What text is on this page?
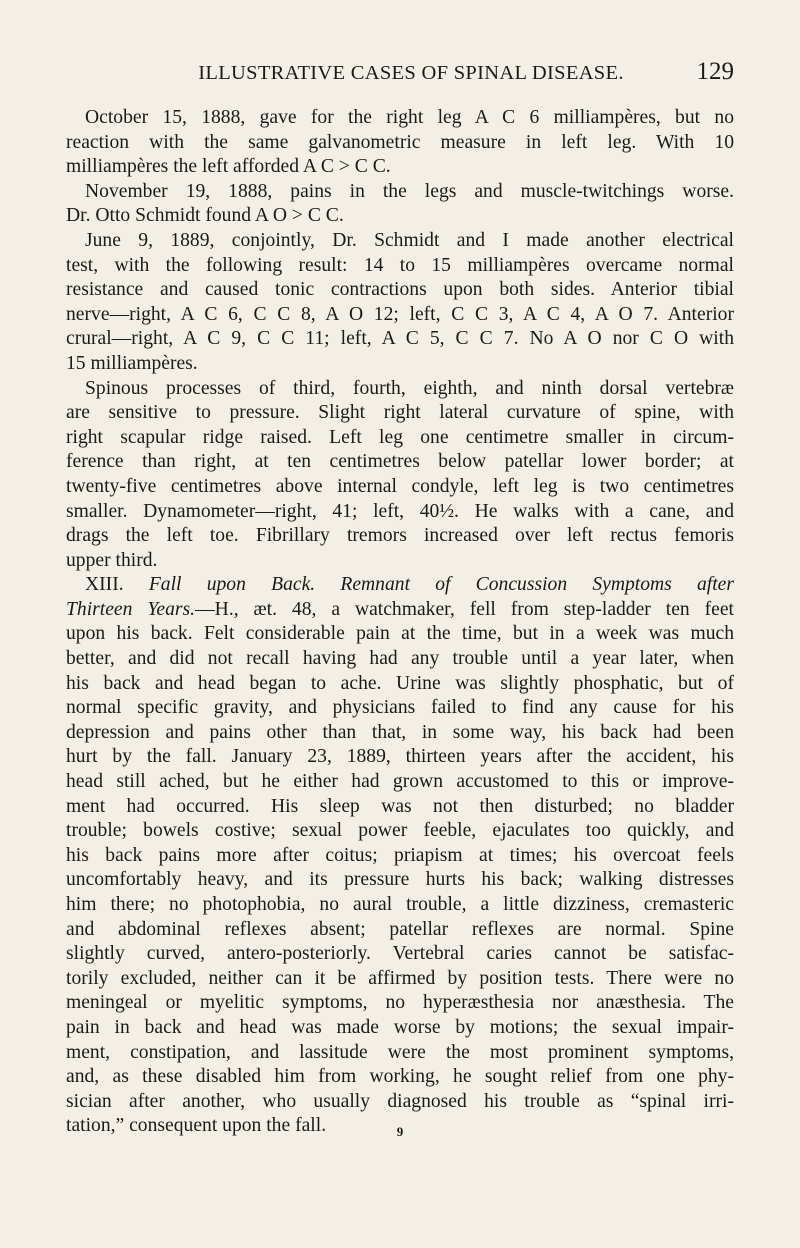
ILLUSTRATIVE CASES OF SPINAL DISEASE.	129
October 15, 1888, gave for the right leg A C 6 milliampères, but no
reaction with the same galvanometric measure in left leg. With 10
milliampères the left afforded A C > C C.
November 19, 1888, pains in the legs and muscle-twitchings worse.
Dr. Otto Schmidt found A O > C C.
June 9, 1889, conjointly, Dr. Schmidt and I made another electrical
test, with the following result: 14 to 15 milliampères overcame normal
resistance and caused tonic contractions upon both sides. Anterior tibial
nerve—right, A C 6, C C 8, A O 12; left, C C 3, A C 4, A O 7. Anterior
crural—right, A C 9, C C 11; left, A C 5, C C 7. No A O nor C O with
15 milliampères.
Spinous processes of third, fourth, eighth, and ninth dorsal vertebræ
are sensitive to pressure. Slight right lateral curvature of spine, with
right scapular ridge raised. Left leg one centimetre smaller in circum-
ference than right, at ten centimetres below patellar lower border; at
twenty-five centimetres above internal condyle, left leg is two centimetres
smaller. Dynamometer—right, 41; left, 40½. He walks with a cane, and
drags the left toe. Fibrillary tremors increased over left rectus femoris
upper third.
XIII. Fall upon Back. Remnant of Concussion Symptoms after
Thirteen Years.—H., æt. 48, a watchmaker, fell from step-ladder ten feet
upon his back. Felt considerable pain at the time, but in a week was much
better, and did not recall having had any trouble until a year later, when
his back and head began to ache. Urine was slightly phosphatic, but of
normal specific gravity, and physicians failed to find any cause for his
depression and pains other than that, in some way, his back had been
hurt by the fall. January 23, 1889, thirteen years after the accident, his
head still ached, but he either had grown accustomed to this or improve-
ment had occurred. His sleep was not then disturbed; no bladder
trouble; bowels costive; sexual power feeble, ejaculates too quickly, and
his back pains more after coitus; priapism at times; his overcoat feels
uncomfortably heavy, and its pressure hurts his back; walking distresses
him there; no photophobia, no aural trouble, a little dizziness, cremasteric
and abdominal reflexes absent; patellar reflexes are normal. Spine
slightly curved, antero-posteriorly. Vertebral caries cannot be satisfac-
torily excluded, neither can it be affirmed by position tests. There were no
meningeal or myelitic symptoms, no hyperæsthesia nor anæsthesia. The
pain in back and head was made worse by motions; the sexual impair-
ment, constipation, and lassitude were the most prominent symptoms,
and, as these disabled him from working, he sought relief from one phy-
sician after another, who usually diagnosed his trouble as “spinal irri-
tation,” consequent upon the fall.	9
